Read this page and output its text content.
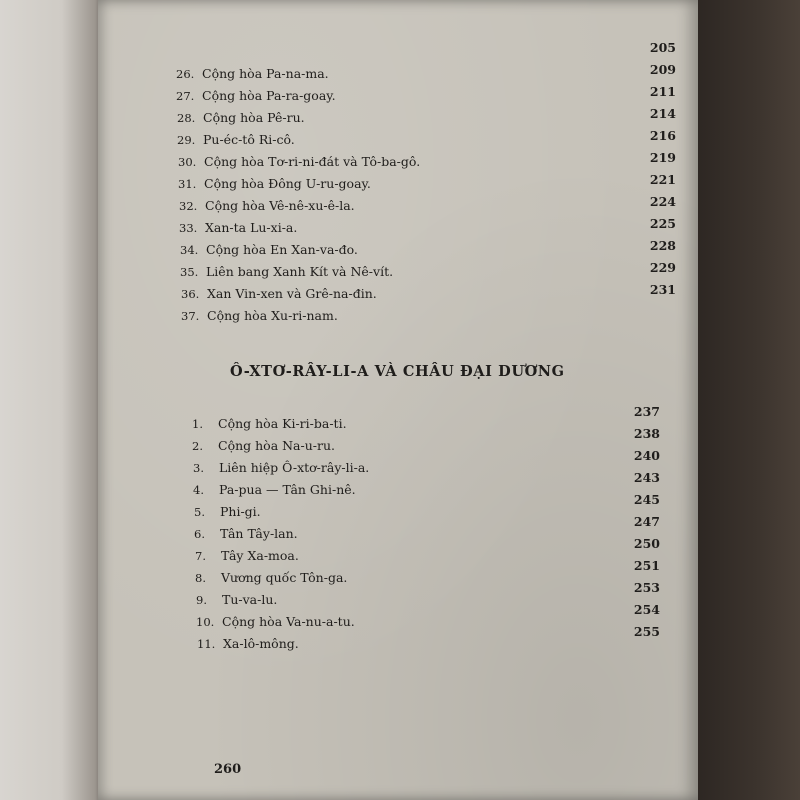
205
209
211
214
216
219
221
224
225
228
229
231
26. Cộng hòa Pa-na-ma.
27. Cộng hòa Pa-ra-goay.
28. Cộng hòa Pê-ru.
29. Pu-éc-tô Ri-cô.
30. Cộng hòa Tơ-ri-ni-đát và Tô-ba-gô.
31. Cộng hòa Đông U-ru-goay.
32. Cộng hòa Vê-nê-xu-ê-la.
33. Xan-ta Lu-xi-a.
34. Cộng hòa En Xan-va-đo.
35. Liên bang Xanh Kít và Nê-vít.
36. Xan Vin-xen và Grê-na-đin.
37. Cộng hòa Xu-ri-nam.
Ô-XTƠ-RÂY-LI-A VÀ CHÂU ĐẠI DƯƠNG
237
238
240
243
245
247
250
251
253
254
255
1. Cộng hòa Ki-ri-ba-ti.
2. Cộng hòa Na-u-ru.
3. Liên hiệp Ô-xtơ-rây-li-a.
4. Pa-pua — Tân Ghi-nê.
5. Phi-gi.
6. Tân Tây-lan.
7. Tây Xa-moa.
8. Vương quốc Tôn-ga.
9. Tu-va-lu.
10. Cộng hòa Va-nu-a-tu.
11. Xa-lô-mông.
260
